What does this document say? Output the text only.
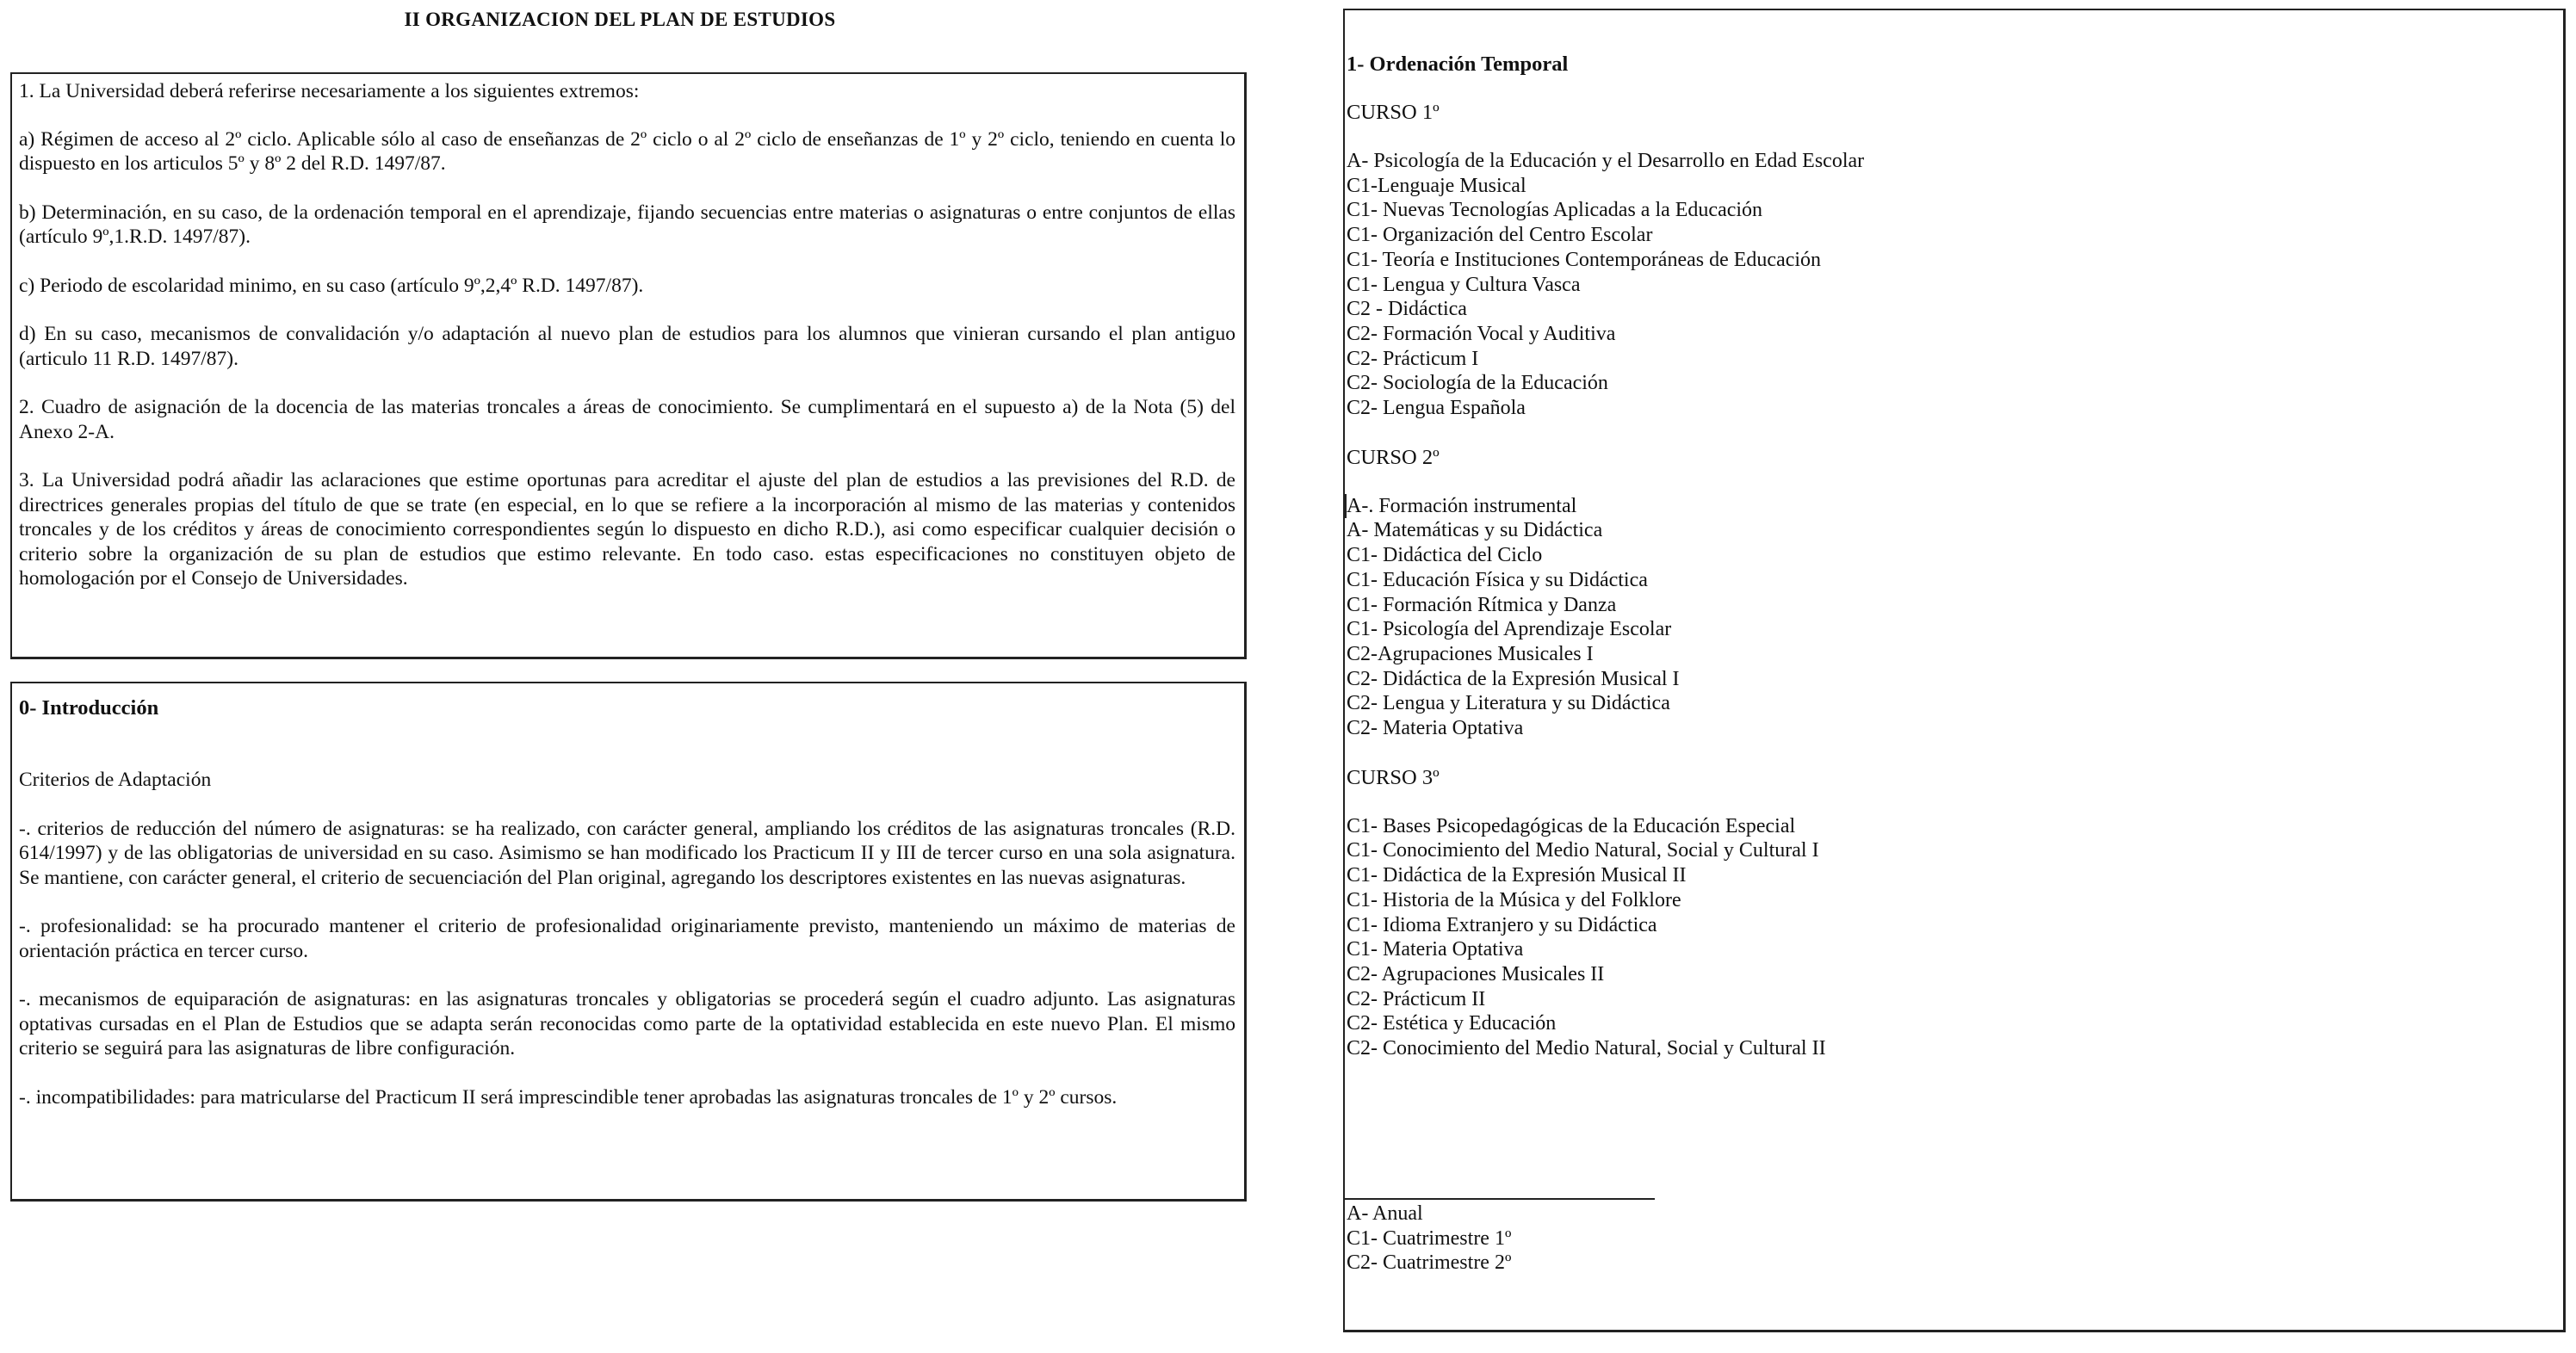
II ORGANIZACION DEL PLAN DE ESTUDIOS

1. La Universidad deberá referirse necesariamente a los siguientes extremos:

a) Régimen de acceso al 2º ciclo. Aplicable sólo al caso de enseñanzas de 2º ciclo o al 2º ciclo de enseñanzas de 1º y 2º ciclo, teniendo en cuenta lo dispuesto en los articulos 5º y 8º 2 del R.D. 1497/87.

b) Determinación, en su caso, de la ordenación temporal en el aprendizaje, fijando secuencias entre materias o asignaturas o entre conjuntos de ellas (artículo 9º,1.R.D. 1497/87).

c) Periodo de escolaridad minimo, en su caso (artículo 9º,2,4º R.D. 1497/87).

d) En su caso, mecanismos de convalidación y/o adaptación al nuevo plan de estudios para los alumnos que vinieran cursando el plan antiguo (articulo 11 R.D. 1497/87).

2. Cuadro de asignación de la docencia de las materias troncales a áreas de conocimiento. Se cumplimentará en el supuesto a) de la Nota (5) del Anexo 2-A.

3. La Universidad podrá añadir las aclaraciones que estime oportunas para acreditar el ajuste del plan de estudios a las previsiones del R.D. de directrices generales propias del título de que se trate (en especial, en lo que se refiere a la incorporación al mismo de las materias y contenidos troncales y de los créditos y áreas de conocimiento correspondientes según lo dispuesto en dicho R.D.), asi como especificar cualquier decisión o criterio sobre la organización de su plan de estudios que estimo relevante. En todo caso. estas especificaciones no constituyen objeto de homologación por el Consejo de Universidades.

0- Introducción

Criterios de Adaptación

-. criterios de reducción del número de asignaturas: se ha realizado, con carácter general, ampliando los créditos de las asignaturas troncales (R.D. 614/1997) y de las obligatorias de universidad en su caso. Asimismo se han modificado los Practicum II y III de tercer curso en una sola asignatura. Se mantiene, con carácter general, el criterio de secuenciación del Plan original, agregando los descriptores existentes en las nuevas asignaturas.

-. profesionalidad: se ha procurado mantener el criterio de profesionalidad originariamente previsto, manteniendo un máximo de materias de orientación práctica en tercer curso.

-. mecanismos de equiparación de asignaturas: en las asignaturas troncales y obligatorias se procederá según el cuadro adjunto. Las asignaturas optativas cursadas en el Plan de Estudios que se adapta serán reconocidas como parte de la optatividad establecida en este nuevo Plan. El mismo criterio se seguirá para las asignaturas de libre configuración.

-. incompatibilidades: para matricularse del Practicum II será imprescindible tener aprobadas las asignaturas troncales de 1º y 2º cursos.

1- Ordenación Temporal

CURSO 1º

A- Psicología de la Educación y el Desarrollo en Edad Escolar
C1-Lenguaje Musical
C1- Nuevas Tecnologías Aplicadas a la Educación
C1- Organización del Centro Escolar
C1- Teoría e Instituciones Contemporáneas de Educación
C1- Lengua y Cultura Vasca
C2 - Didáctica
C2- Formación Vocal y Auditiva
C2- Prácticum I
C2- Sociología de la Educación
C2- Lengua Española

CURSO 2º

A-. Formación instrumental
A- Matemáticas y su Didáctica
C1- Didáctica del Ciclo
C1- Educación Física y su Didáctica
C1- Formación Rítmica y Danza
C1- Psicología del Aprendizaje Escolar
C2-Agrupaciones Musicales I
C2- Didáctica de la Expresión Musical I
C2- Lengua y Literatura y su Didáctica
C2- Materia Optativa

CURSO 3º

C1- Bases Psicopedagógicas de la Educación Especial
C1- Conocimiento del Medio Natural, Social y Cultural I
C1- Didáctica de la Expresión Musical II
C1- Historia de la Música y del Folklore
C1- Idioma Extranjero y su Didáctica
C1- Materia Optativa
C2- Agrupaciones Musicales II
C2- Prácticum II
C2- Estética y Educación
C2- Conocimiento del Medio Natural, Social y Cultural II
A- Anual
C1- Cuatrimestre 1º
C2- Cuatrimestre 2º
